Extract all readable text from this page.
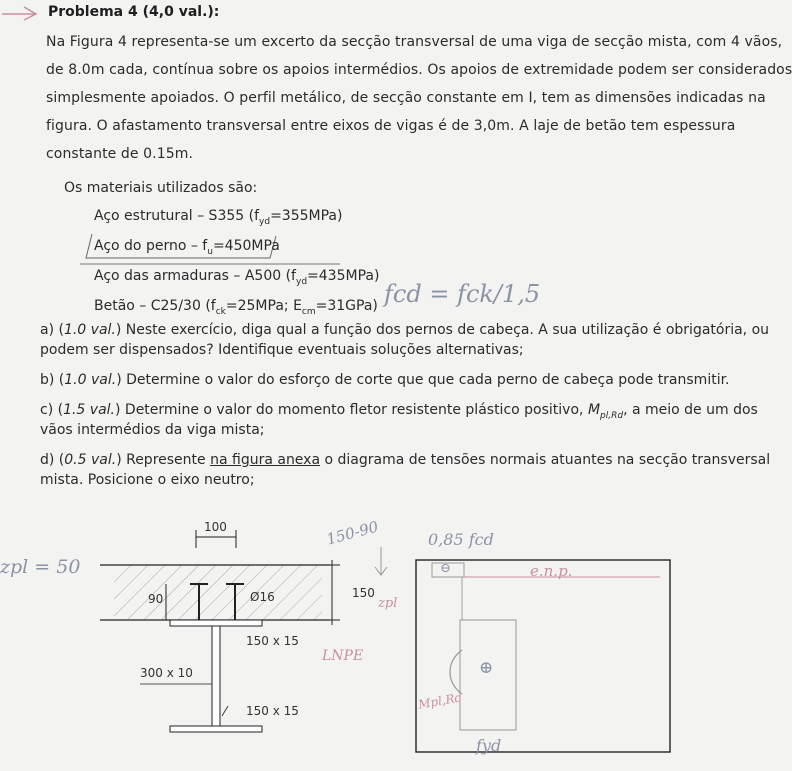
Problema 4 (4,0 val.):
Na Figura 4 representa-se um excerto da secção transversal de uma viga de secção mista, com 4 vãos,
de 8.0m cada, contínua sobre os apoios intermédios. Os apoios de extremidade podem ser considerados
simplesmente apoiados. O perfil metálico, de secção constante em I, tem as dimensões indicadas na
figura. O afastamento transversal entre eixos de vigas é de 3,0m. A laje de betão tem espessura
constante de 0.15m.
Os materiais utilizados são:
Aço estrutural – S355 $(f_{yd}=355MPa)$
Aço do perno – $f_u=450MPa$
Aço das armaduras – A500 $(f_{yd}=435MPa)$
Betão – C25/30 ($f_{ck}=25MPa$; $E_{cm}=31GPa$) fcd = fck/1,5
a) (1.0 val.) Neste exercício, diga qual a função dos pernos de cabeça. A sua utilização é obrigatória, ou
podem ser dispensados? Identifique eventuais soluções alternativas;
b) (1.0 val.) Determine o valor do esforço de corte que que cada perno de cabeça pode transmitir.
c) (1.5 val.) Determine o valor do momento fletor resistente plástico positivo, $M_{pl,Rd}$, a meio de um dos
vãos intermédios da viga mista;
d) (0.5 val.) Represente na figura anexa o diagrama de tensões normais atuantes na secção transversal
mista. Posicione o eixo neutro;
100
90	Ø16	150
150 x 15
300 x 10
150 x 15
zpl = 50
150-90
zpl
LNPE
0,85 fcd
e.n.p.
⊖
⊕
Mpl,Rd
fyd
